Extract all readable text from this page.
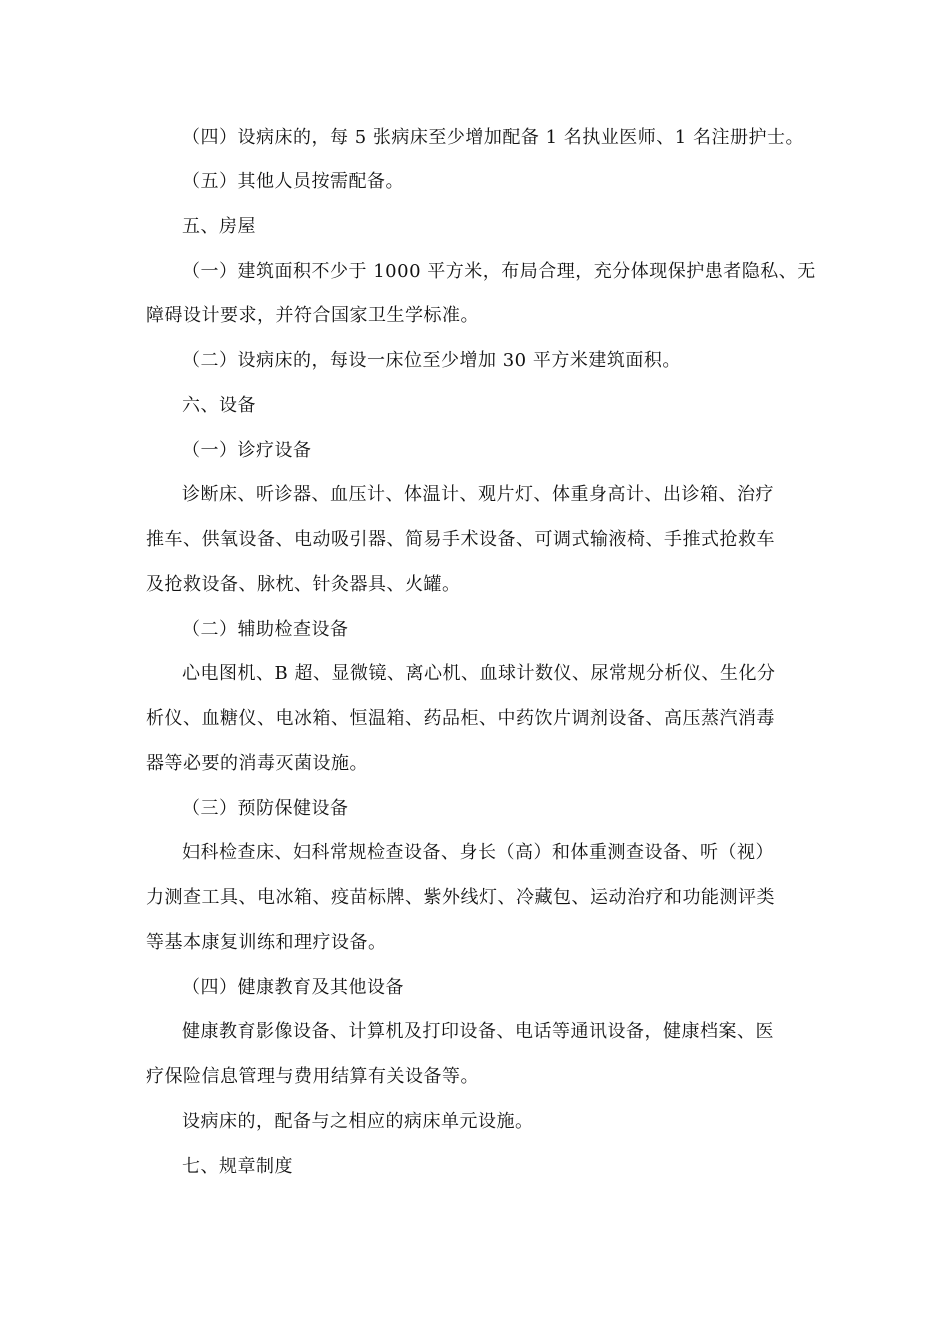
（四）设病床的，每 5 张病床至少增加配备 1 名执业医师、1 名注册护士。
（五）其他人员按需配备。
五、房屋
（一）建筑面积不少于 1000 平方米，布局合理，充分体现保护患者隐私、无
障碍设计要求，并符合国家卫生学标准。
（二）设病床的，每设一床位至少增加 30 平方米建筑面积。
六、设备
（一）诊疗设备
诊断床、听诊器、血压计、体温计、观片灯、体重身高计、出诊箱、治疗
推车、供氧设备、电动吸引器、简易手术设备、可调式输液椅、手推式抢救车
及抢救设备、脉枕、针灸器具、火罐。
（二）辅助检查设备
心电图机、B 超、显微镜、离心机、血球计数仪、尿常规分析仪、生化分
析仪、血糖仪、电冰箱、恒温箱、药品柜、中药饮片调剂设备、高压蒸汽消毒
器等必要的消毒灭菌设施。
（三）预防保健设备
妇科检查床、妇科常规检查设备、身长（高）和体重测查设备、听（视）
力测查工具、电冰箱、疫苗标牌、紫外线灯、冷藏包、运动治疗和功能测评类
等基本康复训练和理疗设备。
（四）健康教育及其他设备
健康教育影像设备、计算机及打印设备、电话等通讯设备，健康档案、医
疗保险信息管理与费用结算有关设备等。
设病床的，配备与之相应的病床单元设施。
七、规章制度
